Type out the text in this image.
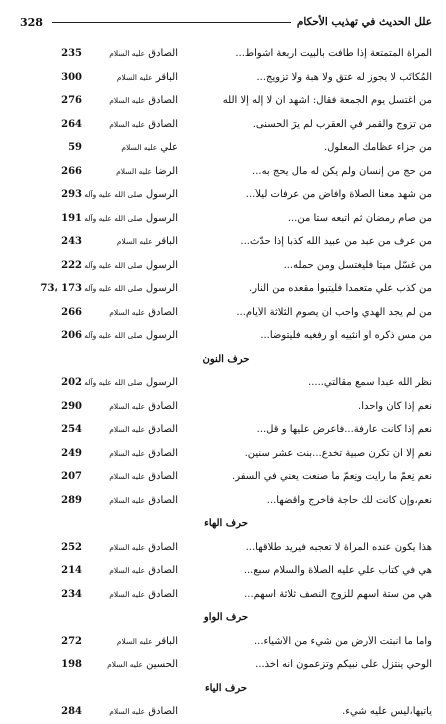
328	علل الحديث في تهذيب الأحكام
235	الصادق عليه السلام	المرأة المتمتعة إذا طافت بالبيت أربعة أشواط...
300	الباقر عليه السلام	المُكاتَب لا يجوز له عتق ولا هبة ولا تزويج...
276	الصادق عليه السلام	من اغتسل يوم الجمعة فقال: اشهد أن لا إله إلا الله
264	الصادق عليه السلام	من تزوج والقمر في العقرب لم يرَ الحسنى.
59	علي عليه السلام	من جزاء عظامك المعلول.
266	الرضا عليه السلام	من حج من إنسان ولم يكن له مال يحج به...
293	الرسول صلى الله عليه وآله	من شهد معنا الصلاة وأفاض من عرفات ليلاً...
191	الرسول صلى الله عليه وآله	من صام رمضان ثم اتبعه ستاً من...
243	الباقر عليه السلام	من عرف من عبد من عبيد الله كذباً إذا حدّث...
222	الرسول صلى الله عليه وآله	من غسّل ميتاً فليغتسل ومن حمله...
73، 173	الرسول صلى الله عليه وآله	من كذب علي متعمداً فليتبوأ مقعده من النار.
266	الصادق عليه السلام	من لم يجد الهدي وأحب أن يصوم الثلاثة الأيام...
206	الرسول صلى الله عليه وآله	من مس ذكره أو أنثييه أو رفغيه فليتوضأ...
حرف النون
202	الرسول صلى الله عليه وآله	نظر الله عبداً سمع مقالتي.....
290	الصادق عليه السلام	نعم إذا كان واحداً.
254	الصادق عليه السلام	نعم إذا كانت عارفة...فاعرض عليها و قل...
249	الصادق عليه السلام	نعم إلا أن تكرن صبية تخدع...بنت عشر سنين.
207	الصادق عليه السلام	نعم نِعمّ ما رأيت ونِعمّ ما صنعت يعني في السفر.
289	الصادق عليه السلام	نعم،وإن كانت لك حاجة فاخرج واقضها...
حرف الهاء
252	الصادق عليه السلام	هذا يكون عنده المرأة لا تعجبه فيريد طلاقها...
214	الصادق عليه السلام	هي في كتاب علي عليه الصلاة والسلام سبع...
234	الصادق عليه السلام	هي من ستة أسهم للزوج النصف ثلاثة أسهم...
حرف الواو
272	الباقر عليه السلام	وأما ما انبتت الأرض من شيء من الأشياء...
198	الحسين عليه السلام	الوحي ينتزل على نبيكم وتزعمون انه اخذ...
حرف الياء
284	الصادق عليه السلام	يأتيها،ليس عليه شيء.
